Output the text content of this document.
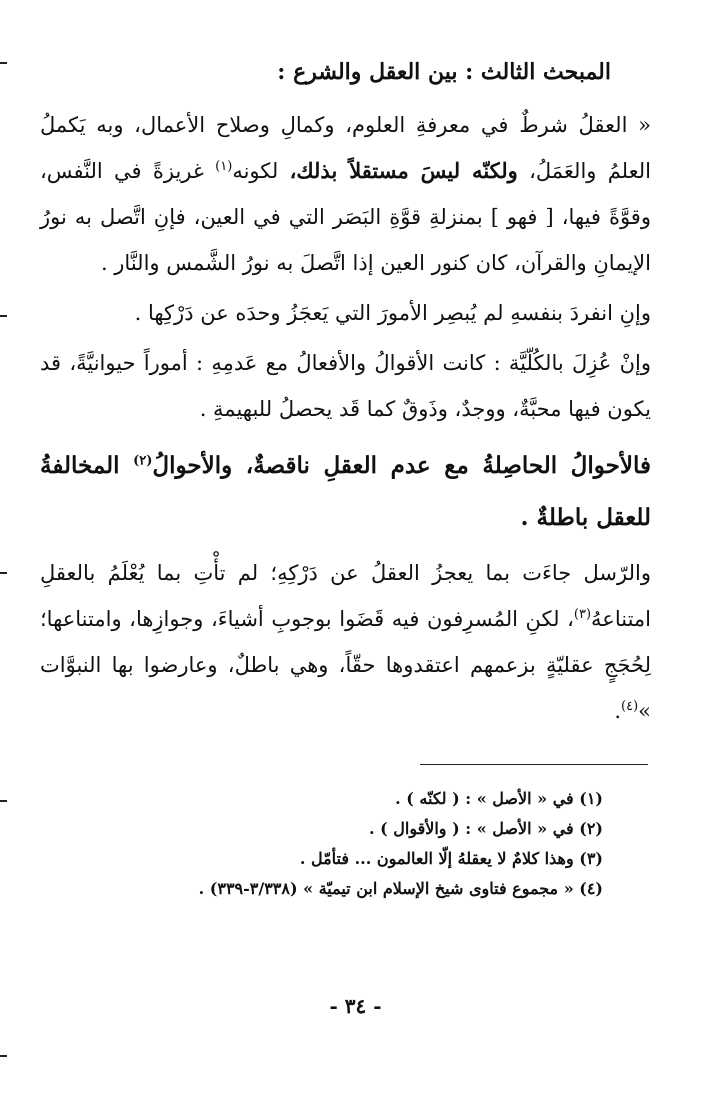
المبحث الثالث : بين العقل والشرع :

« العقلُ شرطٌ في معرفةِ العلوم، وكمالِ وصلاح الأعمال، وبه يَكملُ العلمُ والعَمَلُ، ولكنّه ليسَ مستقلاً بذلك، لكونه$^{(١)}$ غريزةً في النَّفس، وقوَّةً فيها، [ فهو ] بمنزلةِ قوَّةِ البَصَر التي في العين، فإنِ اتَّصل به نورُ الإيمانِ والقرآن، كان كنور العين إذا اتَّصلَ به نورُ الشَّمس والنَّار .

وإنِ انفردَ بنفسهِ لم يُبصِر الأمورَ التي يَعجَزُ وحدَه عن دَرْكِها .

وإنْ عُزِلَ بالكُلّيَّة : كانت الأقوالُ والأفعالُ مع عَدمِهِ : أموراً حيوانيَّةً، قد يكون فيها محبَّةٌ، ووجدٌ، وذَوقٌ كما قَد يحصلُ للبهيمةِ .

فالأحوالُ الحاصِلةُ مع عدم العقلِ ناقصةٌ، والأحوالُ$^{(٢)}$ المخالفةُ للعقل باطلةٌ .

والرّسل جاءَت بما يعجزُ العقلُ عن دَرْكِهِ؛ لم تأْتِ بما يُعْلَمُ بالعقلِ امتناعهُ$^{(٣)}$، لكنِ المُسرِفون فيه قَضَوا بوجوبِ أشياءَ، وجوازِها، وامتناعها؛ لِحُجَجٍ عقليّةٍ بزعمهم اعتقدوها حقّاً، وهي باطلٌ، وعارضوا بها النبوَّات »$^{(٤)}$.

(١) في « الأصل » : ( لكنّه ) .
(٢) في « الأصل » : ( والأقوال ) .
(٣) وهذا كلامٌ لا يعقلهُ إلّا العالمون ... فتأمّل .
(٤) « مجموع فتاوى شيخ الإسلام ابن تيميّة » (٣/٣٣٨-٣٣٩) .
- ٣٤ -
